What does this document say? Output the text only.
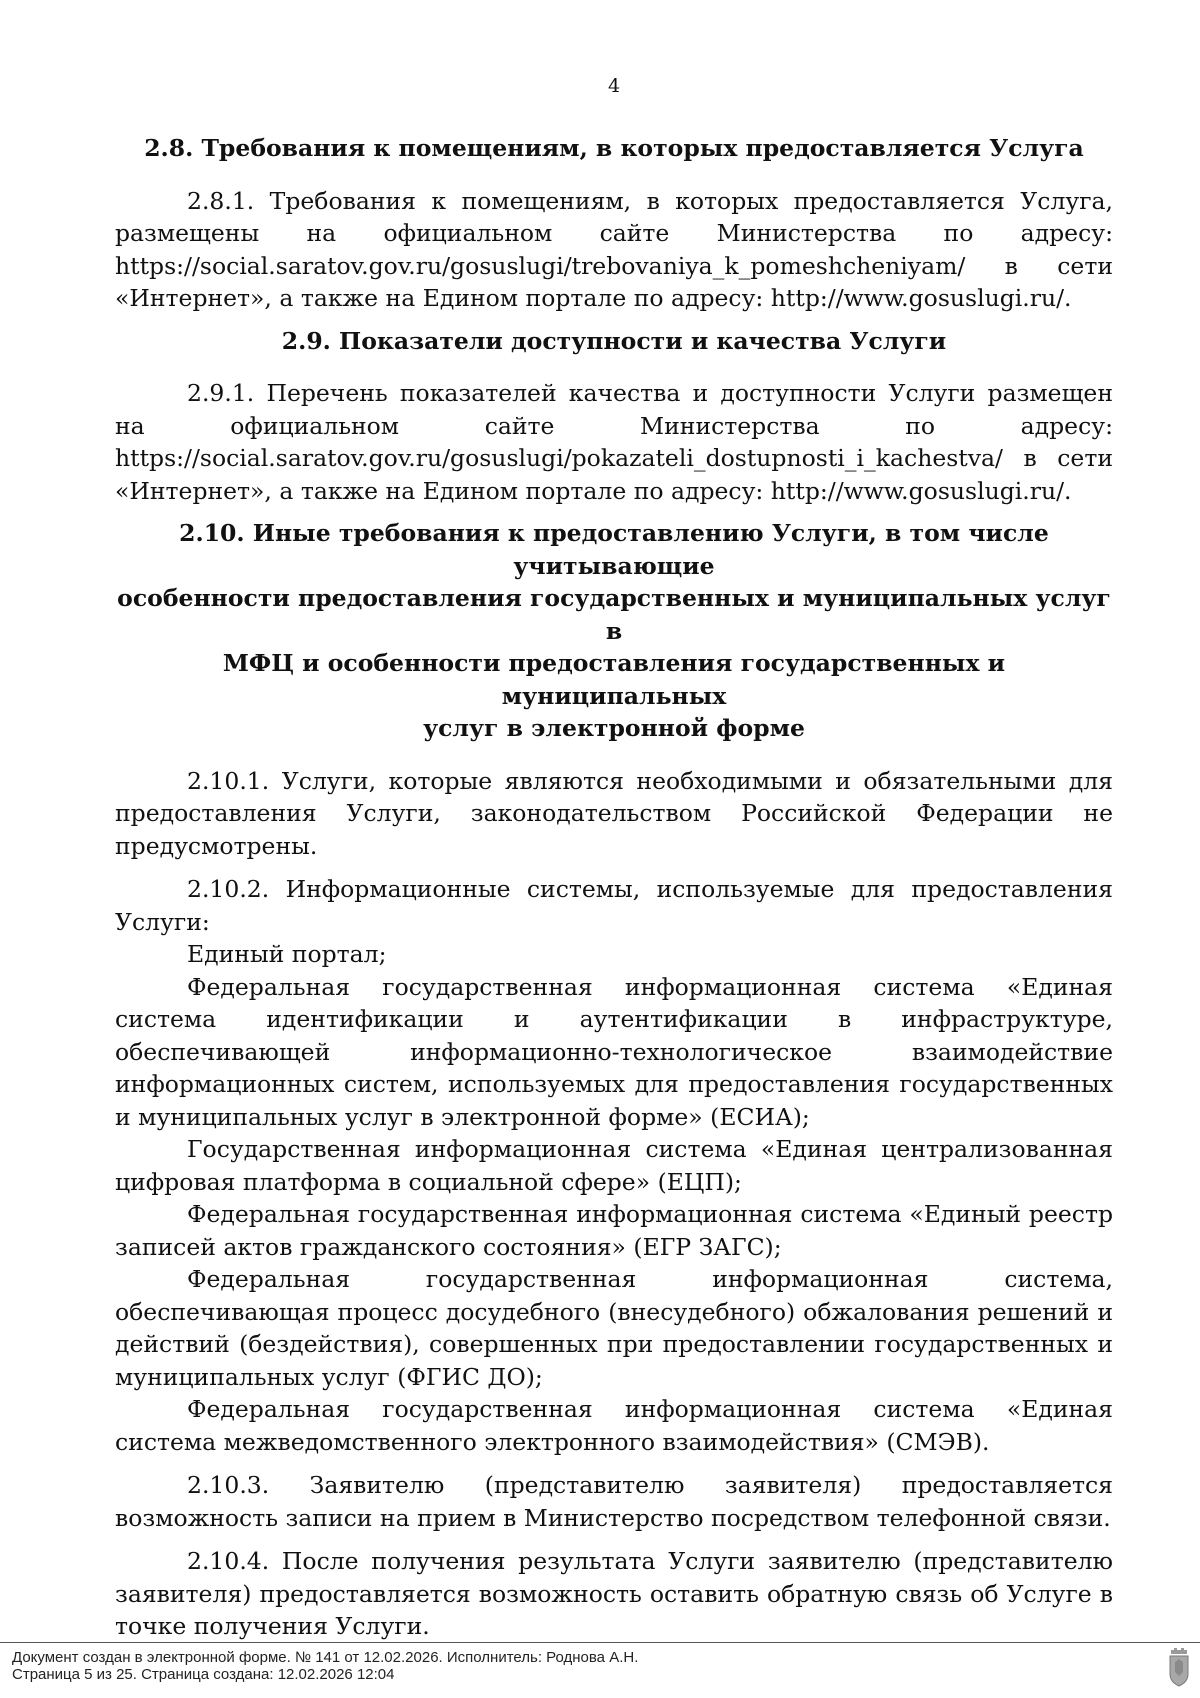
4

2.8. Требования к помещениям, в которых предоставляется Услуга

2.8.1. Требования к помещениям, в которых предоставляется Услуга, размещены на официальном сайте Министерства по адресу: https://social.saratov.gov.ru/gosuslugi/trebovaniya_k_pomeshcheniyam/ в сети «Интернет», а также на Едином портале по адресу: http://www.gosuslugi.ru/.

2.9. Показатели доступности и качества Услуги

2.9.1. Перечень показателей качества и доступности Услуги размещен на официальном сайте Министерства по адресу: https://social.saratov.gov.ru/gosuslugi/pokazateli_dostupnosti_i_kachestva/ в сети «Интернет», а также на Едином портале по адресу: http://www.gosuslugi.ru/.

2.10. Иные требования к предоставлению Услуги, в том числе учитывающие

особенности предоставления государственных и муниципальных услуг в

МФЦ и особенности предоставления государственных и муниципальных

услуг в электронной форме

2.10.1. Услуги, которые являются необходимыми и обязательными для предоставления Услуги, законодательством Российской Федерации не предусмотрены.

2.10.2. Информационные системы, используемые для предоставления Услуги:

Единый портал;

Федеральная государственная информационная система «Единая система идентификации и аутентификации в инфраструктуре, обеспечивающей информационно-технологическое взаимодействие информационных систем, используемых для предоставления государственных и муниципальных услуг в электронной форме» (ЕСИА);

Государственная информационная система «Единая централизованная цифровая платформа в социальной сфере» (ЕЦП);

Федеральная государственная информационная система «Единый реестр записей актов гражданского состояния» (ЕГР ЗАГС);

Федеральная государственная информационная система, обеспечивающая процесс досудебного (внесудебного) обжалования решений и действий (бездействия), совершенных при предоставлении государственных и муниципальных услуг (ФГИС ДО);

Федеральная государственная информационная система «Единая система межведомственного электронного взаимодействия» (СМЭВ).

2.10.3. Заявителю (представителю заявителя) предоставляется возможность записи на прием в Министерство посредством телефонной связи.

2.10.4. После получения результата Услуги заявителю (представителю заявителя) предоставляется возможность оставить обратную связь об Услуге в точке получения Услуги.

Документ создан в электронной форме. № 141 от 12.02.2026. Исполнитель: Роднова А.Н.
Страница 5 из 25. Страница создана: 12.02.2026 12:04
